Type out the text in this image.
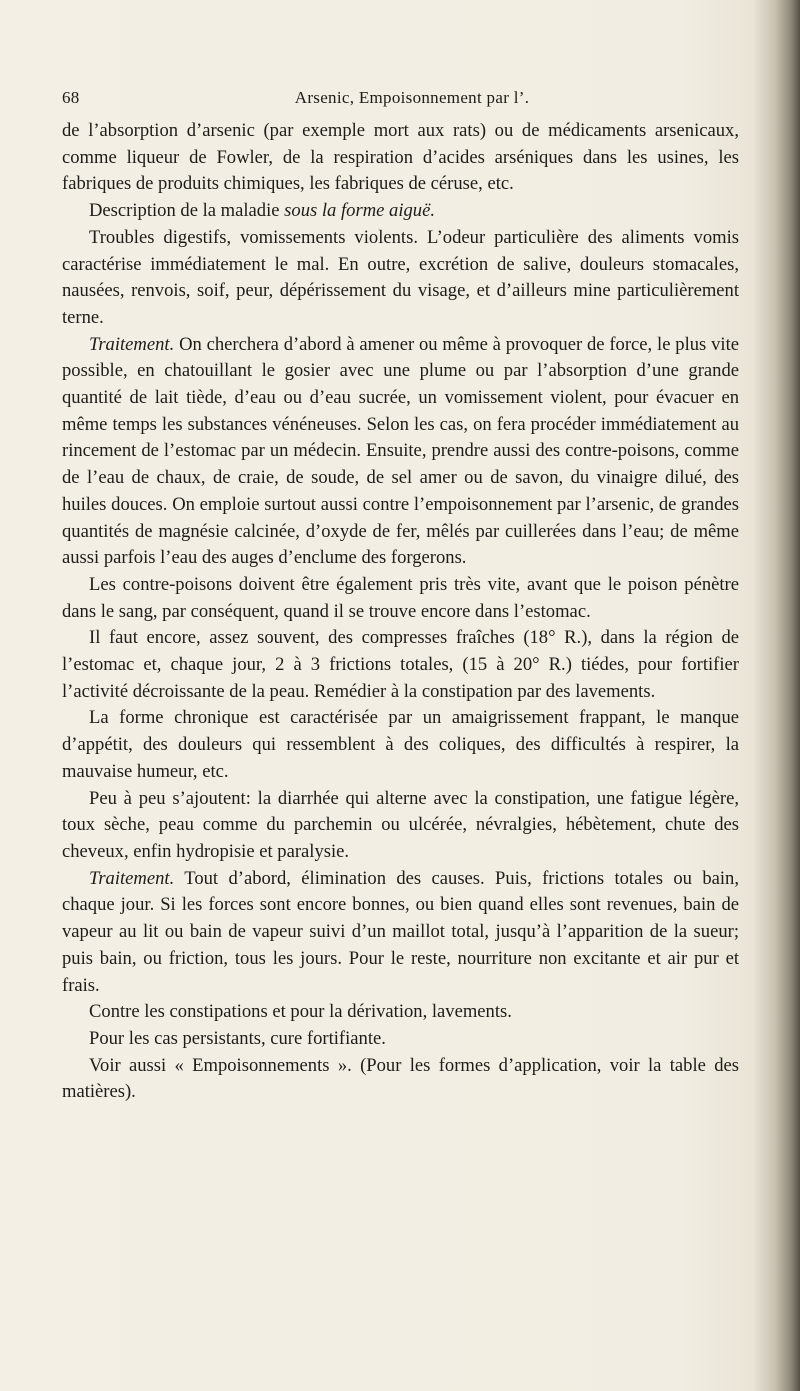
68	Arsenic, Empoisonnement par l’.

de l’absorption d’arsenic (par exemple mort aux rats) ou de médicaments arsenicaux, comme liqueur de Fowler, de la respiration d’acides arséniques dans les usines, les fabriques de produits chimiques, les fabriques de céruse, etc.

Description de la maladie sous la forme aiguë.

Troubles digestifs, vomissements violents. L’odeur particulière des aliments vomis caractérise immédiatement le mal. En outre, excrétion de salive, douleurs stomacales, nausées, renvois, soif, peur, dépérissement du visage, et d’ailleurs mine particulièrement terne.

Traitement. On cherchera d’abord à amener ou même à provoquer de force, le plus vite possible, en chatouillant le gosier avec une plume ou par l’absorption d’une grande quantité de lait tiède, d’eau ou d’eau sucrée, un vomissement violent, pour évacuer en même temps les substances vénéneuses. Selon les cas, on fera procéder immédiatement au rincement de l’estomac par un médecin. Ensuite, prendre aussi des contre-poisons, comme de l’eau de chaux, de craie, de soude, de sel amer ou de savon, du vinaigre dilué, des huiles douces. On emploie surtout aussi contre l’empoisonnement par l’arsenic, de grandes quantités de magnésie calcinée, d’oxyde de fer, mêlés par cuillerées dans l’eau; de même aussi parfois l’eau des auges d’enclume des forgerons.

Les contre-poisons doivent être également pris très vite, avant que le poison pénètre dans le sang, par conséquent, quand il se trouve encore dans l’estomac.

Il faut encore, assez souvent, des compresses fraîches (18° R.), dans la région de l’estomac et, chaque jour, 2 à 3 frictions totales, (15 à 20° R.) tiédes, pour fortifier l’activité décroissante de la peau. Remédier à la constipation par des lavements.

La forme chronique est caractérisée par un amaigrissement frappant, le manque d’appétit, des douleurs qui ressemblent à des coliques, des difficultés à respirer, la mauvaise humeur, etc.

Peu à peu s’ajoutent: la diarrhée qui alterne avec la constipation, une fatigue légère, toux sèche, peau comme du parchemin ou ulcérée, névralgies, hébètement, chute des cheveux, enfin hydropisie et paralysie.

Traitement. Tout d’abord, élimination des causes. Puis, frictions totales ou bain, chaque jour. Si les forces sont encore bonnes, ou bien quand elles sont revenues, bain de vapeur au lit ou bain de vapeur suivi d’un maillot total, jusqu’à l’apparition de la sueur; puis bain, ou friction, tous les jours. Pour le reste, nourriture non excitante et air pur et frais.

Contre les constipations et pour la dérivation, lavements.

Pour les cas persistants, cure fortifiante.

Voir aussi « Empoisonnements ». (Pour les formes d’application, voir la table des matières).
